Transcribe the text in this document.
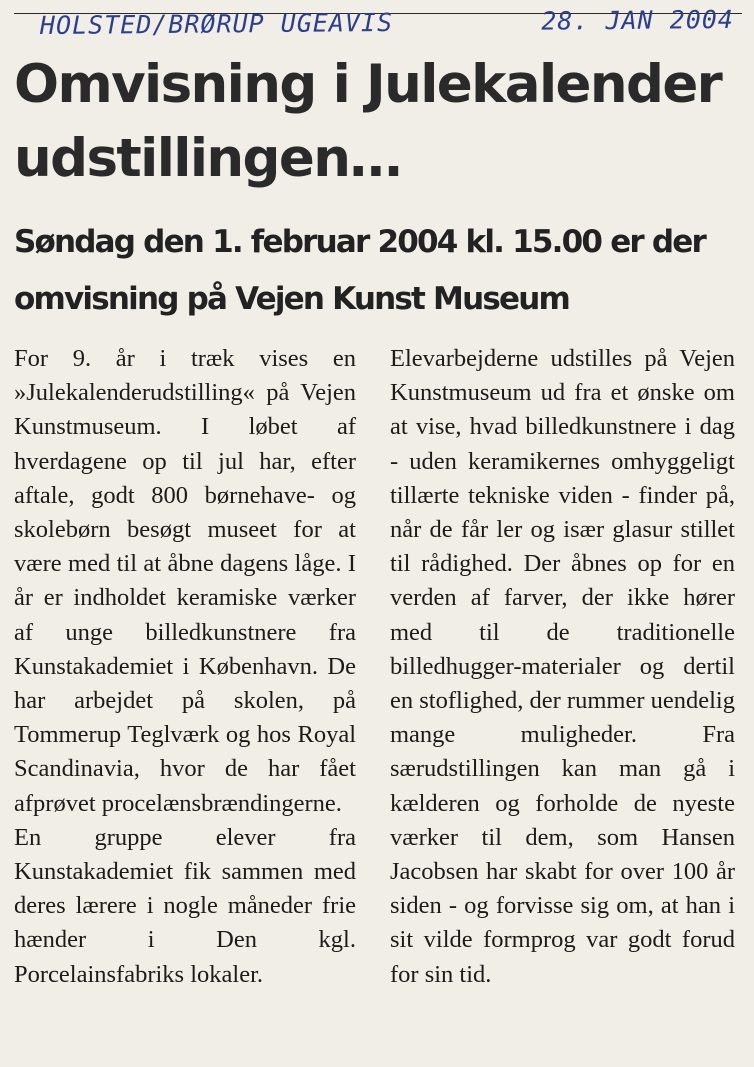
HOLSTED/BRØRUP UGEAVIS	28. JAN 2004
Omvisning i Julekalender udstillingen…
Søndag den 1. februar 2004 kl. 15.00 er der omvisning på Vejen Kunst Museum

For 9. år i træk vises en »Julekalenderudstilling« på Vejen Kunstmuseum. I løbet af hverdagene op til jul har, efter aftale, godt 800 børnehave- og skolebørn besøgt museet for at være med til at åbne dagens låge. I år er indholdet keramiske værker af unge billedkunstnere fra Kunstakademiet i København. De har arbejdet på skolen, på Tommerup Teglværk og hos Royal Scandinavia, hvor de har fået afprøvet procelænsbrændingerne.

En gruppe elever fra Kunstakademiet fik sammen med deres lærere i nogle måneder frie hænder i Den kgl. Porcelainsfabriks lokaler.

Elevarbejderne udstilles på Vejen Kunstmuseum ud fra et ønske om at vise, hvad billedkunstnere i dag - uden keramikernes omhyggeligt tillærte tekniske viden - finder på, når de får ler og især glasur stillet til rådighed. Der åbnes op for en verden af farver, der ikke hører med til de traditionelle billedhugger-materialer og dertil en stoflighed, der rummer uendelig mange muligheder. Fra særudstillingen kan man gå i kælderen og forholde de nyeste værker til dem, som Hansen Jacobsen har skabt for over 100 år siden - og forvisse sig om, at han i sit vilde formprog var godt forud for sin tid.
